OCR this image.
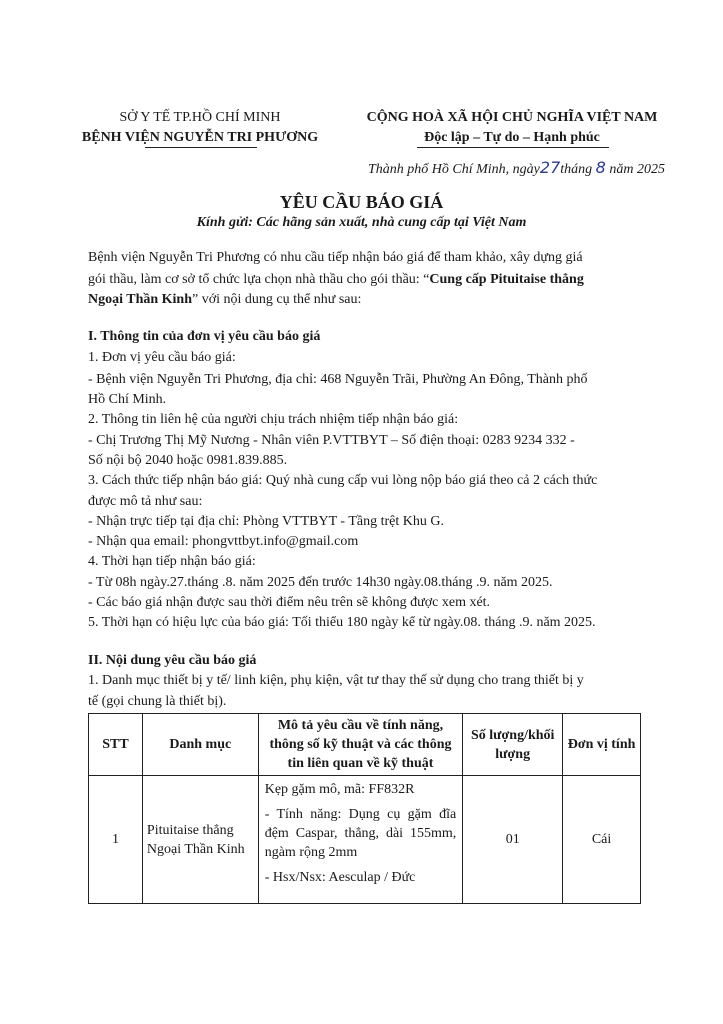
SỞ Y TẾ TP.HỒ CHÍ MINH
BỆNH VIỆN NGUYỄN TRI PHƯƠNG
CỘNG HOÀ XÃ HỘI CHỦ NGHĨA VIỆT NAM
Độc lập – Tự do – Hạnh phúc
Thành phố Hồ Chí Minh, ngày27tháng 8 năm 2025
YÊU CẦU BÁO GIÁ
Kính gửi: Các hãng sản xuất, nhà cung cấp tại Việt Nam
Bệnh viện Nguyễn Tri Phương có nhu cầu tiếp nhận báo giá để tham khảo, xây dựng giá
gói thầu, làm cơ sở tổ chức lựa chọn nhà thầu cho gói thầu: “Cung cấp Pituitaise thẳng
Ngoại Thần Kinh” với nội dung cụ thể như sau:
I. Thông tin của đơn vị yêu cầu báo giá
1. Đơn vị yêu cầu báo giá:
- Bệnh viện Nguyễn Tri Phương, địa chỉ: 468 Nguyễn Trãi, Phường An Đông, Thành phố
Hồ Chí Minh.
2. Thông tin liên hệ của người chịu trách nhiệm tiếp nhận báo giá:
- Chị Trương Thị Mỹ Nương - Nhân viên P.VTTBYT – Số điện thoại: 0283 9234 332 -
Số nội bộ 2040 hoặc 0981.839.885.
3. Cách thức tiếp nhận báo giá: Quý nhà cung cấp vui lòng nộp báo giá theo cả 2 cách thức
được mô tả như sau:
- Nhận trực tiếp tại địa chỉ: Phòng VTTBYT - Tầng trệt Khu G.
- Nhận qua email: phongvttbyt.info@gmail.com
4. Thời hạn tiếp nhận báo giá:
- Từ 08h ngày.27.tháng .8. năm 2025 đến trước 14h30 ngày.08.tháng .9. năm 2025.
- Các báo giá nhận được sau thời điểm nêu trên sẽ không được xem xét.
5. Thời hạn có hiệu lực của báo giá: Tối thiểu 180 ngày kể từ ngày.08. tháng .9. năm 2025.
II. Nội dung yêu cầu báo giá
1. Danh mục thiết bị y tế/ linh kiện, phụ kiện, vật tư thay thế sử dụng cho trang thiết bị y
tế (gọi chung là thiết bị).
STT	Danh mục	Mô tả yêu cầu về tính năng, thông số kỹ thuật và các thông tin liên quan về kỹ thuật	Số lượng/khối lượng	Đơn vị tính
1	Pituitaise thẳng Ngoại Thần Kinh	Kẹp gặm mô, mã: FF832R

- Tính năng: Dụng cụ gặm đĩa đệm Caspar, thẳng, dài 155mm, ngàm rộng 2mm

- Hsx/Nsx: Aesculap / Đức	01	Cái
